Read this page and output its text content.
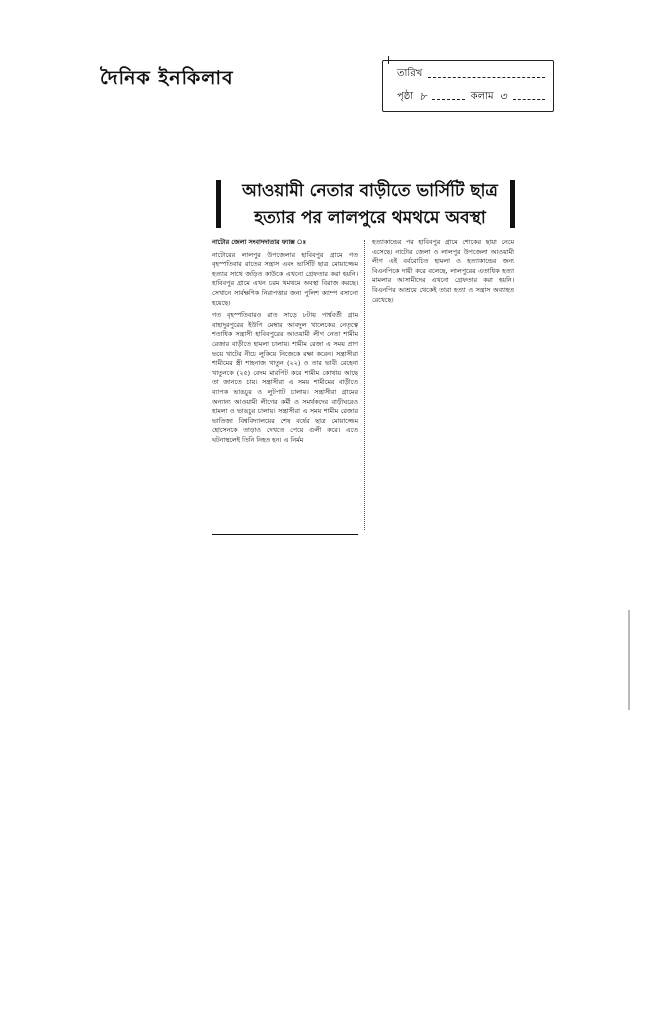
দৈনিক ইনকিলাব	তারিখ
পৃষ্ঠা ৮	কলাম ৩
আওয়ামী নেতার বাড়ীতে ভার্সিটি ছাত্র
হত্যার পর লালপুরে থমথমে অবস্থা

নাটোর জেলা সংবাদদাতার ফ্যাক্স ঃ

নাটোরের লালপুর উপজেলার হাবিবপুর গ্রামে গত বৃহস্পতিবার রাতের সন্ত্রাস এবং ভার্সিটি ছাত্র মোয়াজ্জেম হত্যার সাথে জড়িত কাউকে এখনো গ্রেফতার করা হয়নি। হাবিবপুর গ্রামে এখন চরম থমথমে অবস্থা বিরাজ করছে। সেখানে সার্বক্ষণিক নিরাপত্তার জন্য পুলিশ ক্যাম্প বসানো হয়েছে।

গত বৃহস্পতিবারও রাত সাড়ে ৮টায় পার্শ্ববর্তী গ্রাম বাহাদুরপুরের ইউপি মেম্বার আবদুল খালেকের নেতৃত্বে শতাধিক সন্ত্রাসী হাবিবপুরের আওয়ামী লীগ নেতা শামীম রেজার বাড়ীতে হামলা চালায়। শামীম রেজা এ সময় প্রাণ ভয়ে খাটের নীচে লুকিয়ে নিজেকে রক্ষা করেন। সন্ত্রাসীরা শামীমের স্ত্রী শাহনাজ খাতুন (২২) ও তার ভাবী রেহেনা খাতুনকে (২৫) বেদম মারপিট করে শামীম কোথায় আছে তা জানতে চায়। সন্ত্রাসীরা এ সময় শামীমের বাড়ীতে ব্যাপক ভাঙচুর ও লুটপাট চালায়। সন্ত্রাসীরা গ্রামের অন্যান্য আওয়ামী লীগের কর্মী ও সমর্থকদের বাড়ীঘরেও হামলা ও ভাঙচুর চালায়। সন্ত্রাসীরা এ সময় শামীম রেজার ভাতিজা বিশ্ববিদ্যালয়ের শেষ বর্ষের ছাত্র মোয়াজ্জেম হোসেনকে তাড়াও দেখতে পেয়ে গুলী করে। এতে ঘটনাস্থলেই তিনি নিহত হন। এ নির্মম

হত্যাকান্ডের পর হাবিবপুর গ্রামে শোকের ছায়া নেমে এসেছে। নাটোর জেলা ও লালপুর উপজেলা আওয়ামী লীগ এই বর্বরোচিত হামলা ও হত্যাকান্ডের জন্য বিএনপিকে দায়ী করে বলেছে, লালপুরের এতাধিক হত্যা মামলার আসামীদের এখনো গ্রেফতার করা হয়নি। বিএনপির আশ্রয়ে থেকেই তারা হত্যা ও সন্ত্রাস অব্যাহত রেখেছে।
